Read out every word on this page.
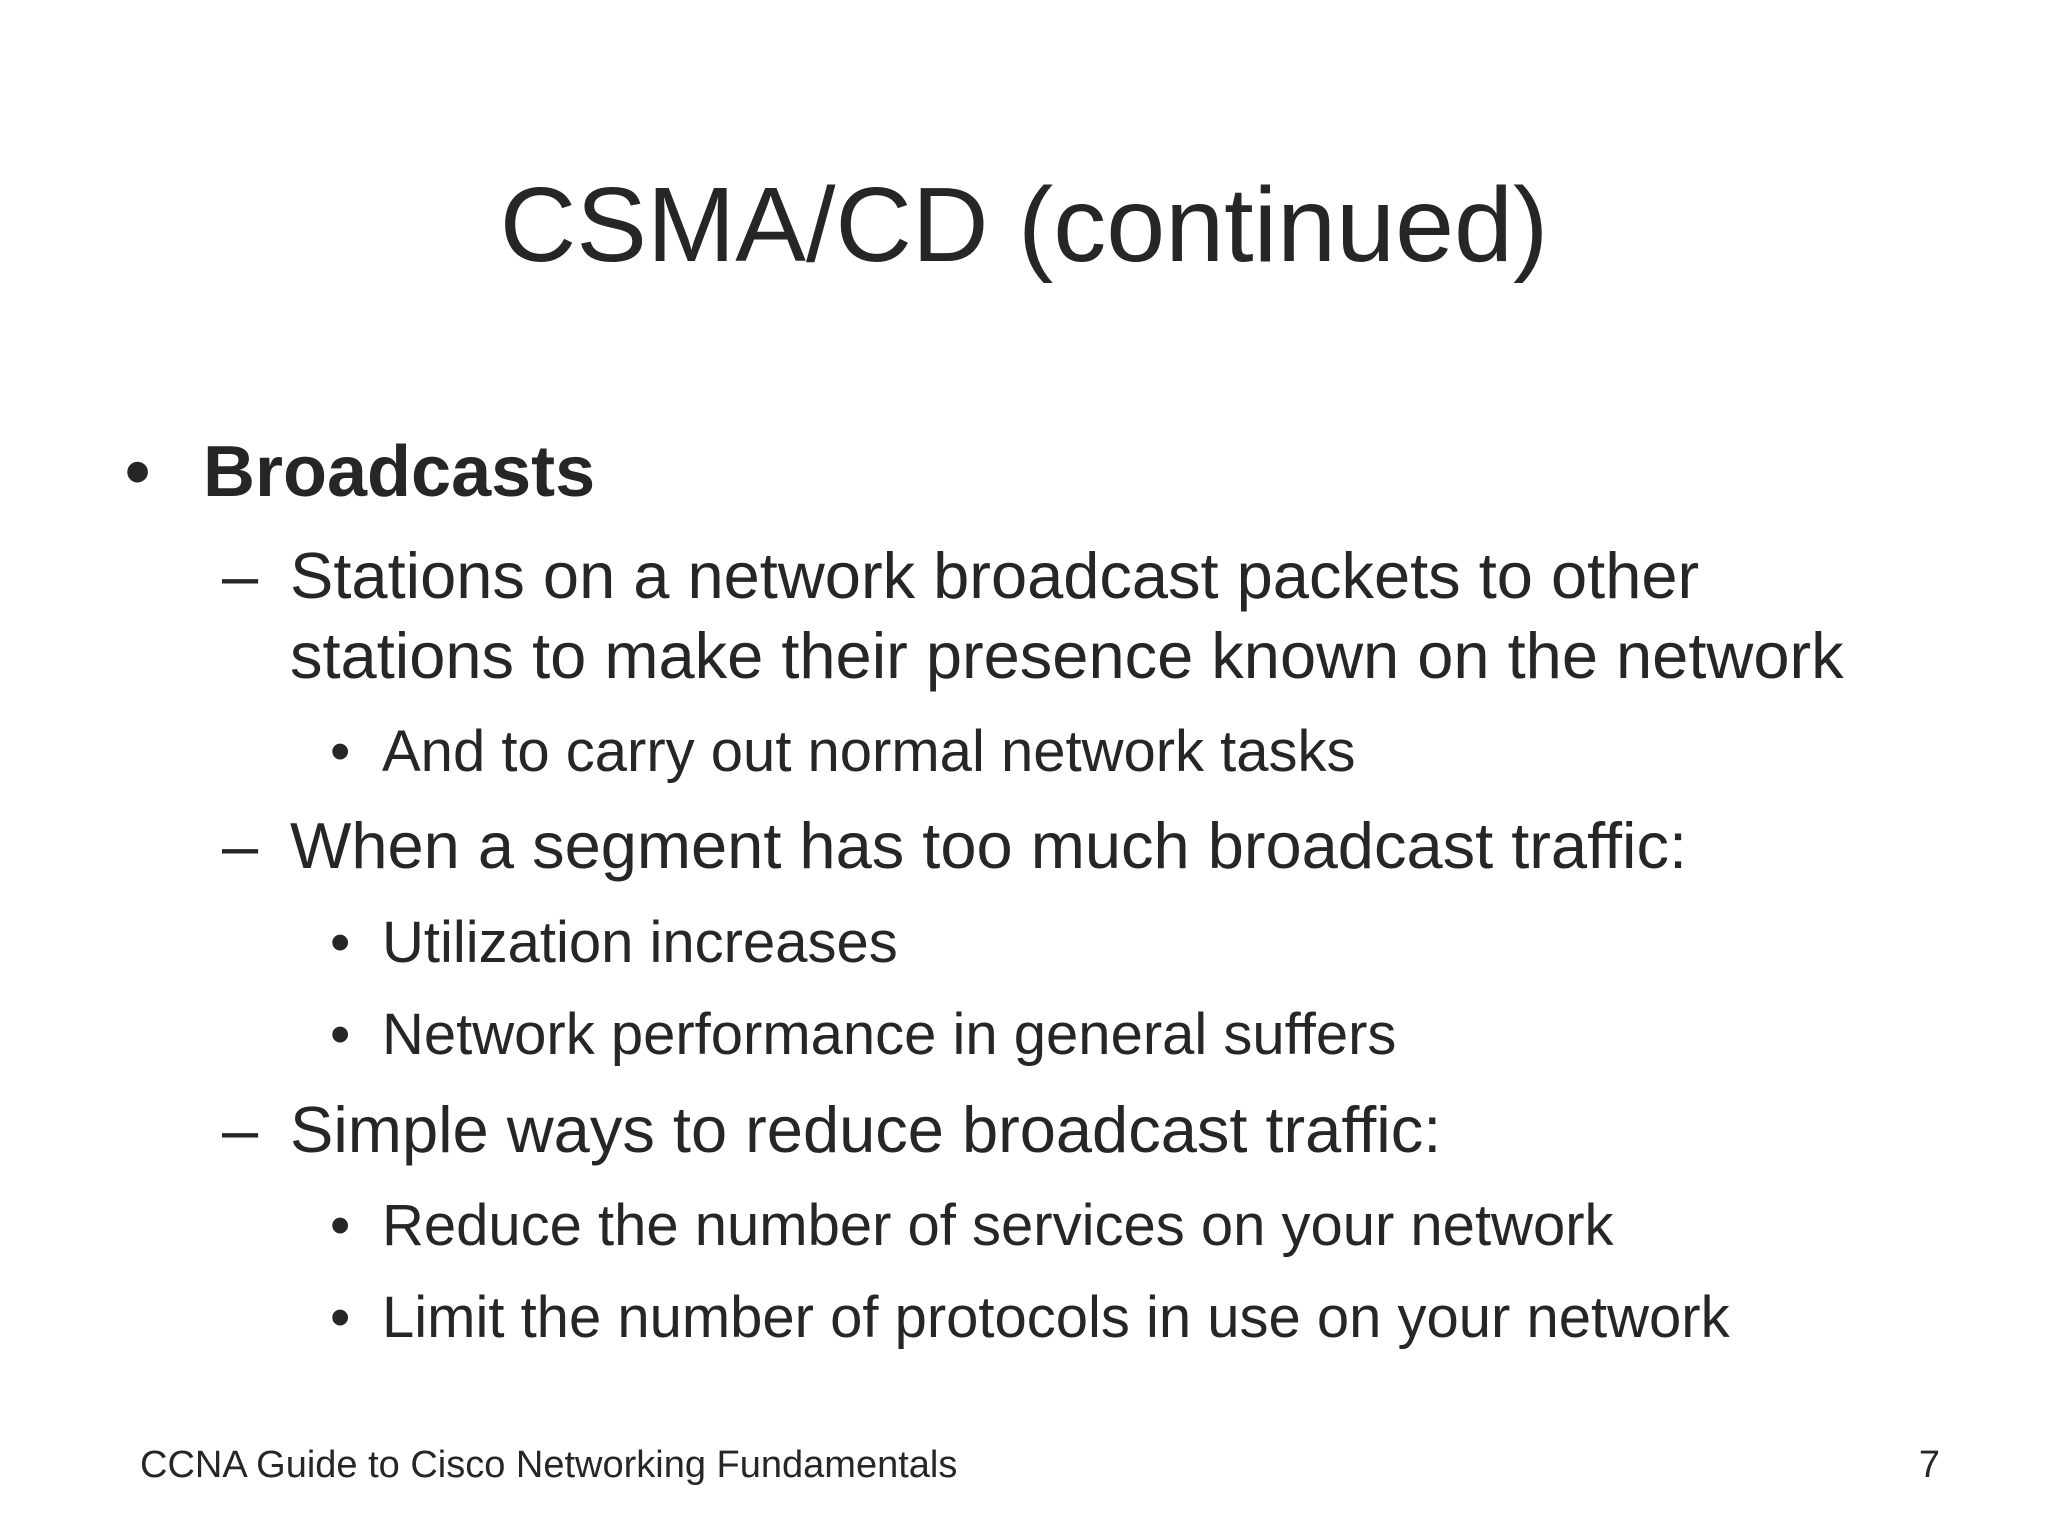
CSMA/CD (continued)
• Broadcasts
– Stations on a network broadcast packets to other
stations to make their presence known on the network
• And to carry out normal network tasks
– When a segment has too much broadcast traffic:
• Utilization increases
• Network performance in general suffers
– Simple ways to reduce broadcast traffic:
• Reduce the number of services on your network
• Limit the number of protocols in use on your network
CCNA Guide to Cisco Networking Fundamentals	7
